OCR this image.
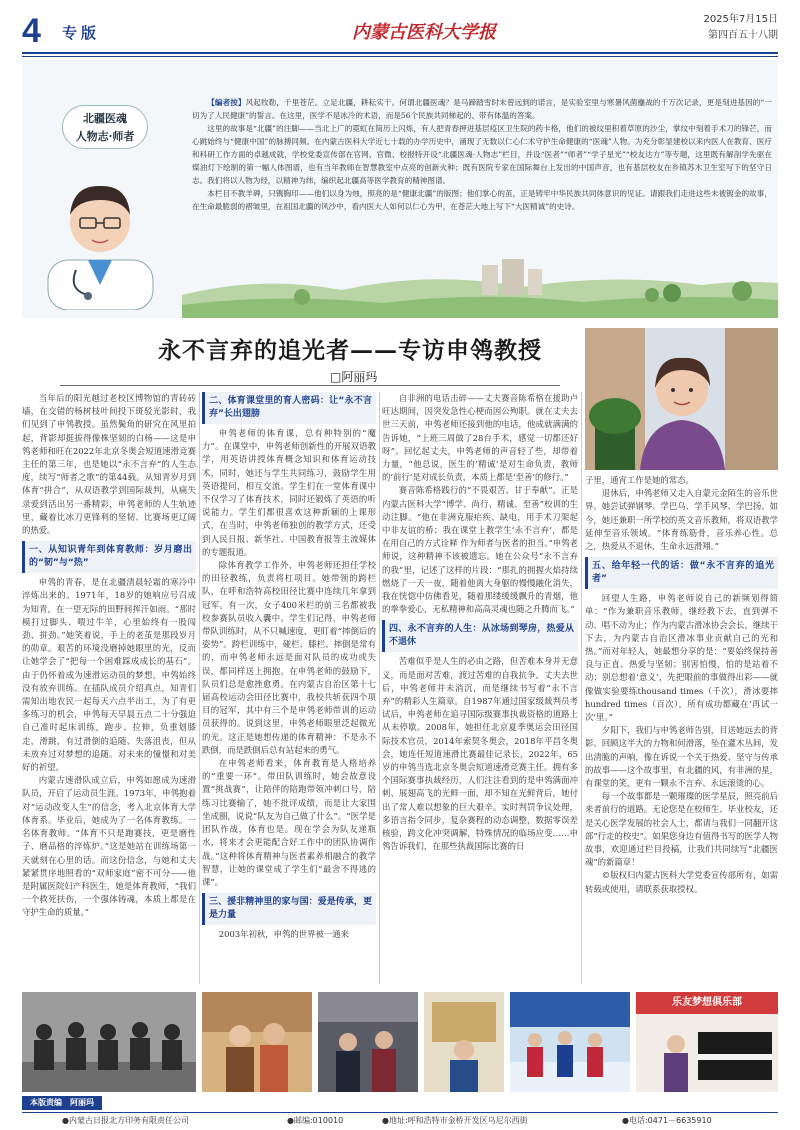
4 专版	内蒙古医科大学报
2025年7月15日
第四百五十八期
北疆医魂
人物志·师者

【编者按】风起牧勒，千里苍茫。立足北疆，耕耘实干。何谓北疆医魂？是马蹄踏雪时未曾远到的诺言，是实验室里与寒暑风菌鏖战的千万次记录，更是刻进基因的“一切为了人民健康”的誓言。在这里，医学不是冰冷的术语，而是56个民族共同梯起的、带有体温的答案。

这里的故事是“北疆”的注脚——当北上广的霓虹在简历上闪烁，有人把青春押进基层疫区卫生院的药卡格，他们的被纹里积着草原的沙尘，掌纹中刻着手术刀的锋芒，而心跳始终与“健康中国”的脉搏同频。在内蒙古医科大学近七十载的办学历史中，涌现了无数以仁心仁术守护生命健康的“医魂”人物。为充分彰显建校以来内医人在教育、医疗和科研工作方面的卓越成就，学校党委宣传部在官网、官微、校报特开设“北疆医魂·人物志”栏目，并设“医者”“师者”“学子星光”“校友达方”等专题，这里既有解剖学先驱在煤油灯下绘制的第一幅人体图谱，也有当年教师在智慧教室中点亮的创新火种；既有医院专家在国际舞台上发出的中国声音，也有基层校友在乡镇苏木卫生室写下的坚守日志。我们将以人物为经，以精神为纬，编织起北疆高等医学教育的精神图谱。

本栏目不教羊碑，只镌胸印——他们以身为烛，照亮的是“健康北疆”的版图；他们掌心的茧，正是铸牢中华民族共同体意识的见证。请跟我们走进这些未被镀金的故事，在生命最脆弱的褶皱里，在祖国北疆的风沙中，看内医大人如何以仁心为甲，在苍茫大地上写下“大医精诚”的史诗。

永不言弃的追光者——专访申鸰教授
□阿丽玛

当年后的阳光越过老校区博物馆的青砖砖墙，在交错的杨树枝叶间投下斑驳光影时，我们见到了申鸰教授。虽然鬓角的研究在风里拍起，背影却挺拔得像株坚韧的白杨——这是申鸰老师和旺在2022年北京冬奥会短道速滑竞赛主任的第三年，也是她以“永不言弃”的人生态度，续写“师者之歌”的第44载。从知青岁月到体育“拼合”，从双语教学到国际裁判，从痛失录爱到活出另一番精彩，申鸰老师的人生轨迹里，藏着比冰刀更锋利的坚韧、比赛场更辽阔的热爱。

一、从知识青年到体育教师：岁月磨出的“韧”与“热”

申鸰的青春，是在北疆清晨轻霜的寒冷中淬炼出来的。1971年，18岁的她响应号召成为知青，在一望无际的田野间挥汗如雨。“那时模打过脚头、喂过牛羊，心里始终有一股闯劲、拼劲。”她笑着说，手上的老茧是那段岁月的勋章。艰苦的环境没磨掉她眼里的光，反而让她学会了“把每一个困难踩成成长的基石”。由于仍怀着成为速滑运动员的梦想，申鸰始终没有放弃训练。在插队成员介绍真点，知青们需知出地农民一起每天六点半出工，为了有更多练习的机会，申鸰每天早晨五点二十分强迫自己准时起床训练，跑步、拉伸，负重划膝走，滑跳，有过滑倒的追随、失落沮丧，但从未放弃过对梦想的追随。对未来的憧憬和对美好的祈望。

内蒙古速滑队成立后，申鸰如愿成为速滑队员，开启了运动员生涯。1973年，申鸰抱着对“运动改变人生”的信念，考入北京体育大学体育系。毕业后，她成为了一名体育教练。一名体育教师。“体育不只是跑赛技，更是磨性子、磨品格的淬炼炉。”这是她站在训练场第一天就刻在心里的话。而这份信念，与她和丈夫紧紧贯序地照看的“双师家庭”密不可分——他是附属医院妇产科医生，她是体育教师，“我们一个救死扶伤，一个强体铸魂，本质上都是在守护生命的质量。”

二、体育课堂里的育人密码：让“永不言弃”长出翅膀

申鸰老师的体育课，总有种特别的“魔力”。在课堂中，申鸰老师创新性的开展双语教学，用英语讲授体育概念知识和体育运动技术，同时，她还与学生共同练习，鼓励学生用英语提问，相互交流。学生们在一堂体育课中不仅学习了体育技术，同时还锻炼了英语的听说能力。学生们都很喜欢这种新颖的上课形式，在当时，申鸰老师独创的教学方式，还受到人民日报、新华社、中国教育报等主流媒体的专题报道。

除体育教学工作外，申鸰老师还担任学校的田径教练，负责将杠项目。她带领的跨栏队，在呼和浩特高校田径比赛中连续几年拿到冠军。有一次，女子400米栏的前三名都被我校参赛队员收入囊中。学生们记得，申鸰老师带队训练时，从不只喊速度，更盯着“摔倒后的姿势”。跨栏训练中，碰栏、膝栏、摔倒是常有的，而申鸰老师永远是面对队员的成功或失误，都同样送上拥抱。在申鸰老师的鼓励下，队员们总是愈挫愈勇。在内蒙古自治区第十七届高校运动会田径比赛中，我校共斩获四个项目的冠军，其中有三个是申鸰老师带训的运动员获得的。说到这里，申鸰老师眼里泛起微光的光。这正是她想传递的体育精神：不是永不跌倒，而是跌倒后总有站起来的勇气。

在申鸰老师看来，体育教育是人格培养的“重要一环”。带田队训练时，她会故意设置“挑战赛”，让陪伴的陪跑带领冲刺口号，陪练习比赛输了，她不批评成绩，而是让大家围坐成圈，说说“队友为自己做了什么”。“医学是团队作战，体育也是。现在学会为队友递瓶水，将来才会更能配合好工作中的团队协调作战。”这种将体育精神与医者素养相融合的教学智慧，让她的课堂成了学生们“最舍不得逃的课”。

三、援非精神里的家与国：爱是传承，更是力量

2003年初秋，申鸰的世界被一通来

自非洲的电话击碎——丈夫赛音陈希格在援助卢旺达期间，因突发急性心梗而因公殉职。就在丈夫去世三天前，申鸰老师还接到他的电话，他成就满满的告诉她，“上班三周做了28台手术，感觉一切都还好呀”。回忆起丈夫，申鸰老师的声音轻了些，却带着力量，“他总说，医生的‘精诚’是对生命负责，教师的‘前行’是对成长负责，本质上都是‘至善’的修行。”

赛音陈希格践行的“不畏艰苦、甘于奉献”，正是内蒙古医科大学“博学、尚行、精诚、至善”校训的生动注脚。“他在非洲克服疟疾、缺电，用手术刀架起中非友谊的桥；我在课堂上教学生‘永不言弃’，都是在用自己的方式诠释 作为师者与医者的担当。”申鸰老师说，这种精神不该被遗忘。她在公众号“永不言弃的我”里，记述了这样的片段：“那扎的拥握火焰持续燃烧了一天一夜，随着他离大身躯的慢慢融化消失，我在恍惚中仿佛看见，随着那缕缓缓飘升的青烟，他的拳拳爱心，无私精神和高高灵魂也随之升腾而飞。”

四、永不言弃的人生：从冰场到琴房，热爱从不退休

苦难似乎是人生的必由之路，但苦难本身并无意义，而是面对苦难，渡过苦难的自我抗争。丈夫去世后，申鸰老师并未消沉，而是继续书写着“永不言弃”的精彩人生篇章。自1987年通过国家级裁判员考试后，申鸰老师在追寻国际级赛事执裁资格的道路上从未停歇。2008年，她担任北京夏季奥运会田径国际技术官员，2014年索契冬奥会，2018年平昌冬奥会，她连任短道速滑比赛最佳记录长，2022年，65岁的申鸰当选北京冬奥会短道速滑竞赛主任。拥有多个国际赛事执裁经历，人们注注看到的是申鸰满面冲刺、展翅高飞的光鲜一面，却不知在光鲜背后，她付出了常人难以想象的巨大艰辛。实时判罚争议处理，多语言指令同步，复杂赛程的动态调整，数据零误差核验，跨文化冲突调解，特殊情况的临场应变……申鸰告诉我们，在那些执裁国际比赛的日

子里，通宵工作是她的常态。

退休后，申鸰老师又走入自蒙元金陌生的音乐世界。她尝试弹钢琴、学巴乌、学手风琴、学巴扬。如今，她还兼职一所学校的英文音乐教师，将双语教学延伸至音乐领域。“体育练筋骨，音乐养心性。总之，热爱从不退休，生命永远滑翔。”

五、给年轻一代的话：做“永不言弃的追光者”

回望人生路，申鸰老师说自己的新频划得简单：“作为兼职音乐教师，继经教下去，直到弹不动、唱不动为止；作为内蒙古滑冰协会会长，继续干下去，为内蒙古自治区滑冰事业贡献自己的光和热。”而对年轻人，她最想分享的是：“要始终保持善良与正直、热爱与坚韧；别害怕慢，怕的是站着不动；别总想着‘意义’，先把眼前的事做得出彩——就像做实验要练thousand times（千次），滑冰要摔hundred times（百次），所有成功都藏在‘再试一次’里。”

夕阳下，我们与申鸰老师告别，目送她远去的背影。回顾这半大的力物和何滑落，坠在灌木丛间，发出清脆的声响，像在诉说一个关于热爱、坚守与传承的故事——这个故事里，有北疆的风，有非洲的星，有课堂的笑，更有一颗永不言弃、永远滚烫的心。

每一个故事都是一颗璀璨的医学星辰，照亮前后来者前行的道路。无论您是在校师生、毕业校友，还是关心医学发展的社会人士，都请与我们一同翻开这部“行走的校史”。如果您身边有值得书写的医学人物故事，欢迎通过栏目投稿，让我们共同续写“北疆医魂”的新篇章！

©版权归内蒙古医科大学党委宣传部所有，如需转载或使用，请联系获取授权。

乐友梦想俱乐部
本版责编　阿丽玛
●内蒙古日报北方印务有限责任公司	●邮编:010010	●地址:呼和浩特市金桥开发区乌尼尔西街	●电话:0471－6635910
